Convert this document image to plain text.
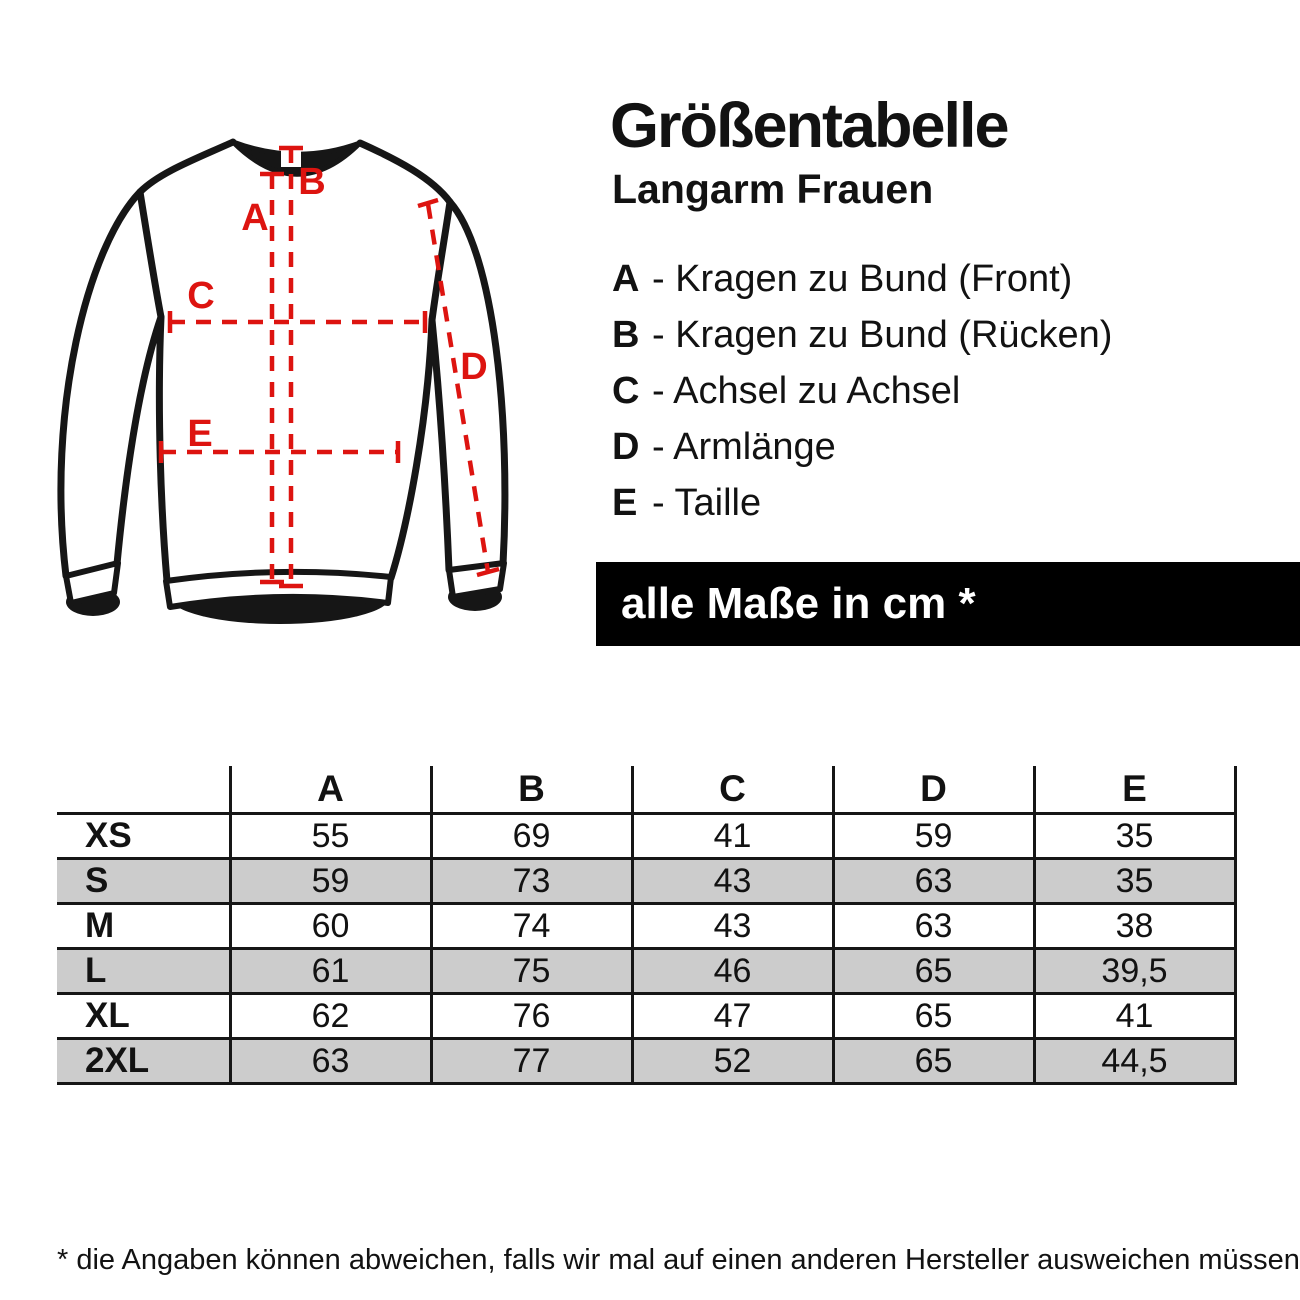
A
B
C
D
E
Größentabelle
Langarm Frauen
A - Kragen zu Bund (Front)
B - Kragen zu Bund (Rücken)
C - Achsel zu Achsel
D - Armlänge
E - Taille
alle Maße in cm *
	A	B	C	D	E
XS	55	69	41	59	35
S	59	73	43	63	35
M	60	74	43	63	38
L	61	75	46	65	39,5
XL	62	76	47	65	41
2XL	63	77	52	65	44,5
* die Angaben können abweichen, falls wir mal auf einen anderen Hersteller ausweichen müssen
